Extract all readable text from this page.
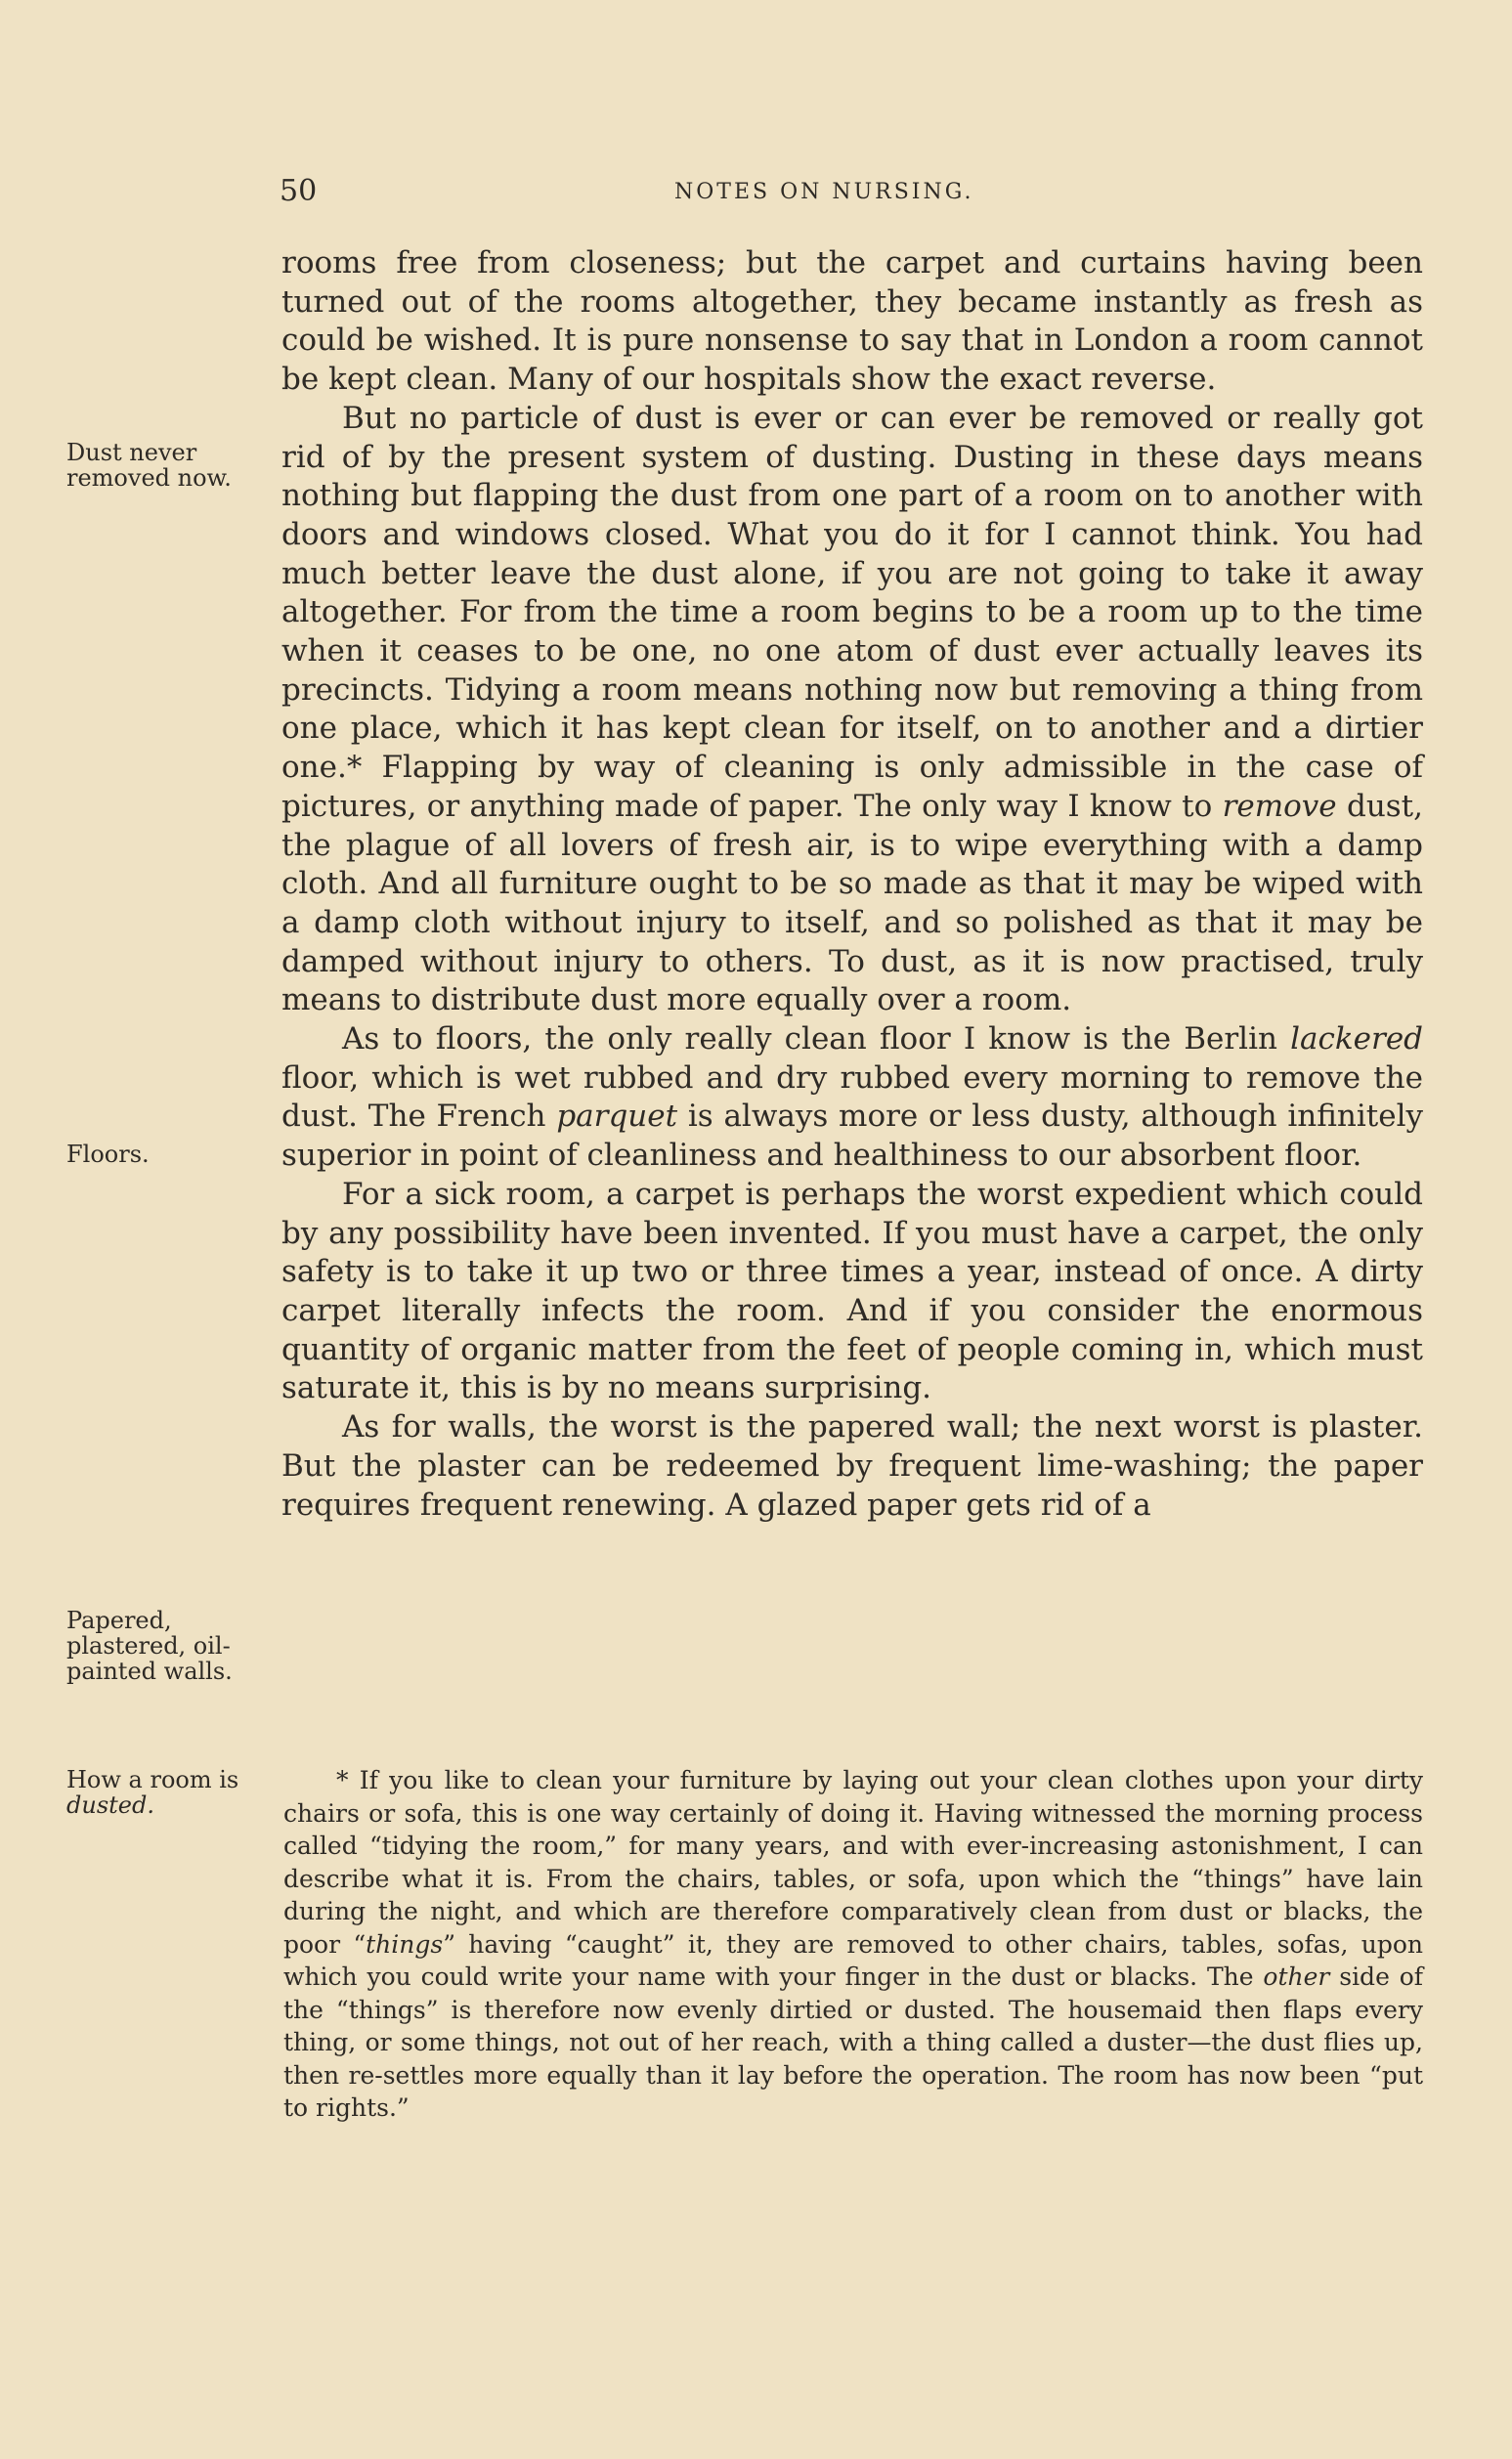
50	NOTES ON NURSING.
Dust never removed now.
Floors.
Papered, plastered, oil-painted walls.
How a room is
dusted.

rooms free from closeness; but the carpet and curtains having been turned out of the rooms altogether, they became instantly as fresh as could be wished. It is pure nonsense to say that in London a room cannot be kept clean. Many of our hospitals show the exact reverse.

But no particle of dust is ever or can ever be removed or really got rid of by the present system of dusting. Dusting in these days means nothing but flapping the dust from one part of a room on to another with doors and windows closed. What you do it for I cannot think. You had much better leave the dust alone, if you are not going to take it away altogether. For from the time a room begins to be a room up to the time when it ceases to be one, no one atom of dust ever actually leaves its precincts. Tidying a room means nothing now but removing a thing from one place, which it has kept clean for itself, on to another and a dirtier one.* Flapping by way of cleaning is only admissible in the case of pictures, or anything made of paper. The only way I know to remove dust, the plague of all lovers of fresh air, is to wipe everything with a damp cloth. And all furniture ought to be so made as that it may be wiped with a damp cloth without injury to itself, and so polished as that it may be damped without injury to others. To dust, as it is now practised, truly means to distribute dust more equally over a room.

As to floors, the only really clean floor I know is the Berlin lackered floor, which is wet rubbed and dry rubbed every morning to remove the dust. The French parquet is always more or less dusty, although infinitely superior in point of cleanliness and healthiness to our absorbent floor.

For a sick room, a carpet is perhaps the worst expedient which could by any possibility have been invented. If you must have a carpet, the only safety is to take it up two or three times a year, instead of once. A dirty carpet literally infects the room. And if you consider the enormous quantity of organic matter from the feet of people coming in, which must saturate it, this is by no means surprising.

As for walls, the worst is the papered wall; the next worst is plaster. But the plaster can be redeemed by frequent lime-washing; the paper requires frequent renewing. A glazed paper gets rid of a

* If you like to clean your furniture by laying out your clean clothes upon your dirty chairs or sofa, this is one way certainly of doing it. Having witnessed the morning process called “tidying the room,” for many years, and with ever-increasing astonishment, I can describe what it is. From the chairs, tables, or sofa, upon which the “things” have lain during the night, and which are therefore comparatively clean from dust or blacks, the poor “things” having “caught” it, they are removed to other chairs, tables, sofas, upon which you could write your name with your finger in the dust or blacks. The other side of the “things” is therefore now evenly dirtied or dusted. The housemaid then flaps every thing, or some things, not out of her reach, with a thing called a duster—the dust flies up, then re-settles more equally than it lay before the operation. The room has now been “put to rights.”
